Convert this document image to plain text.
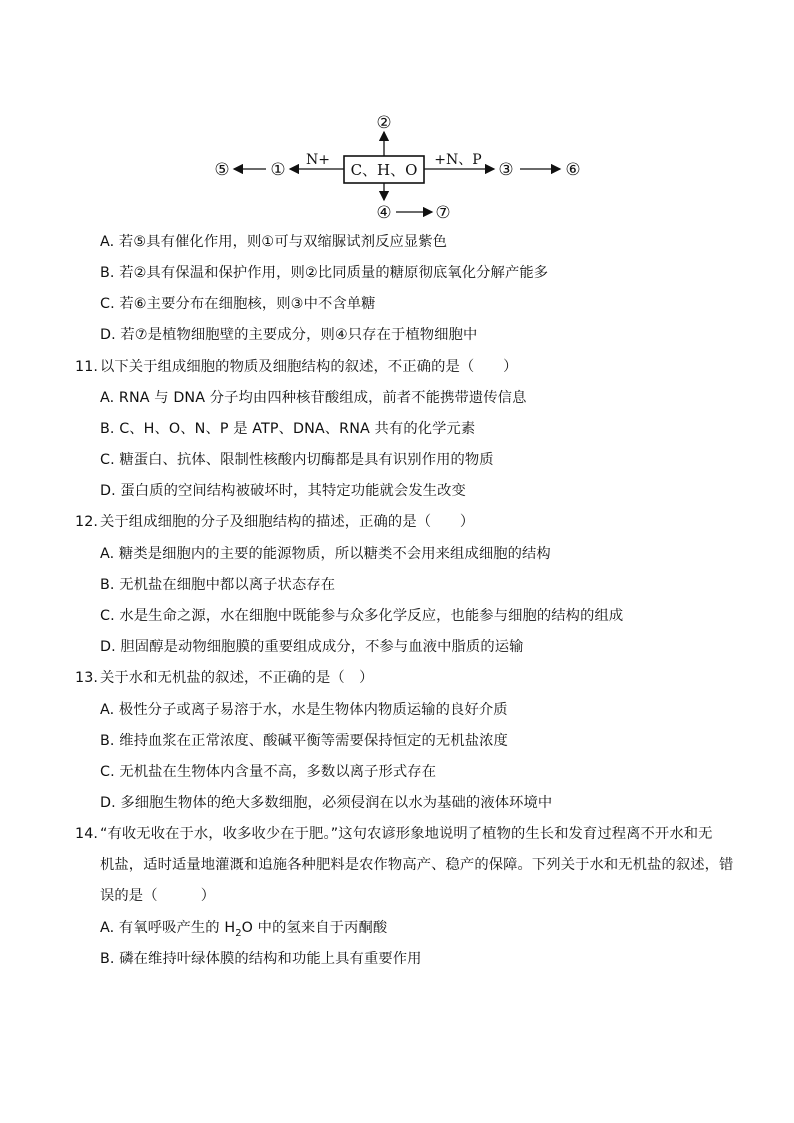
C、H、O
②
④	⑦
N+
①
⑤	+N、P ③	⑥
A. 若⑤具有催化作用，则①可与双缩脲试剂反应显紫色
B. 若②具有保温和保护作用，则②比同质量的糖原彻底氧化分解产能多
C. 若⑥主要分布在细胞核，则③中不含单糖
D. 若⑦是植物细胞壁的主要成分，则④只存在于植物细胞中
11. 以下关于组成细胞的物质及细胞结构的叙述，不正确的是（　　）
A. RNA 与 DNA 分子均由四种核苷酸组成，前者不能携带遗传信息
B. C、H、O、N、P 是 ATP、DNA、RNA 共有的化学元素
C. 糖蛋白、抗体、限制性核酸内切酶都是具有识别作用的物质
D. 蛋白质的空间结构被破坏时，其特定功能就会发生改变
12. 关于组成细胞的分子及细胞结构的描述，正确的是（　　）
A. 糖类是细胞内的主要的能源物质，所以糖类不会用来组成细胞的结构
B. 无机盐在细胞中都以离子状态存在
C. 水是生命之源，水在细胞中既能参与众多化学反应，也能参与细胞的结构的组成
D. 胆固醇是动物细胞膜的重要组成成分，不参与血液中脂质的运输
13. 关于水和无机盐的叙述，不正确的是（　）
A. 极性分子或离子易溶于水，水是生物体内物质运输的良好介质
B. 维持血浆在正常浓度、酸碱平衡等需要保持恒定的无机盐浓度
C. 无机盐在生物体内含量不高，多数以离子形式存在
D. 多细胞生物体的绝大多数细胞，必须侵润在以水为基础的液体环境中
14. “有收无收在于水，收多收少在于肥。”这句农谚形象地说明了植物的生长和发育过程离不开水和无
机盐，适时适量地灌溉和追施各种肥料是农作物高产、稳产的保障。下列关于水和无机盐的叙述，错
误的是（　　　）
A. 有氧呼吸产生的 $H_2O$ 中的氢来自于丙酮酸
B. 磷在维持叶绿体膜的结构和功能上具有重要作用
